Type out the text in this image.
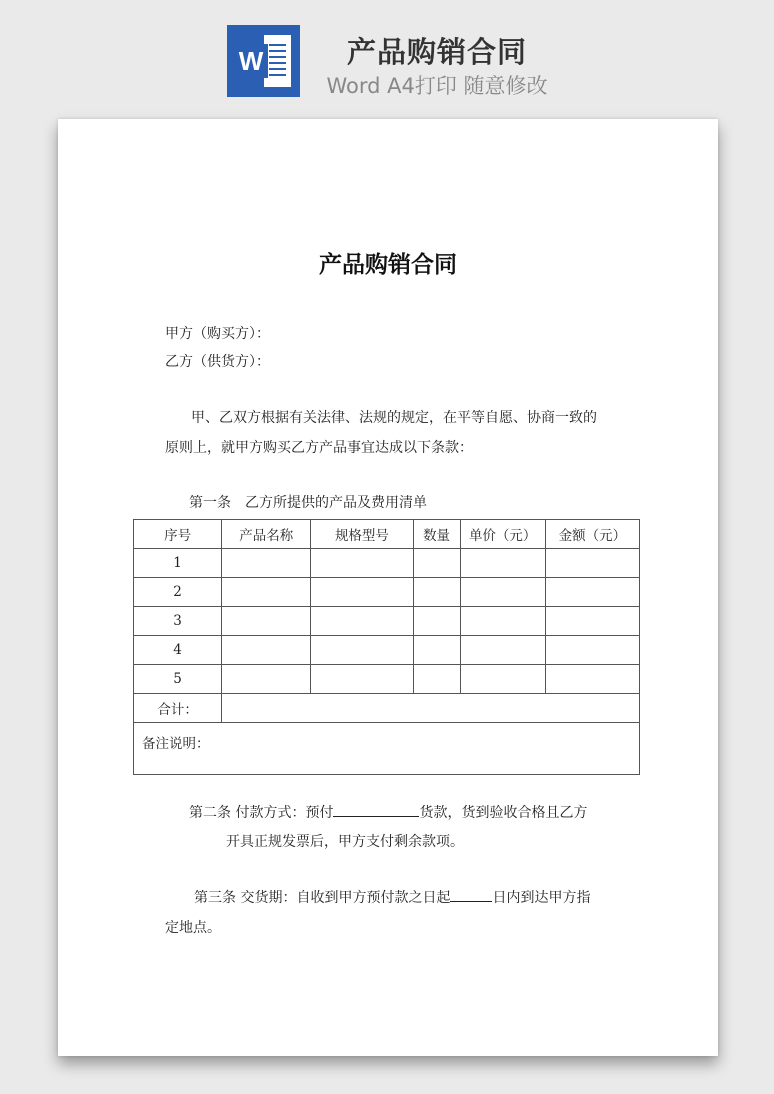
W	产品购销合同
Word A4打印 随意修改
产品购销合同
甲方（购买方）：
乙方（供货方）：
甲、乙双方根据有关法律、法规的规定，在平等自愿、协商一致的
原则上，就甲方购买乙方产品事宜达成以下条款：
第一条　乙方所提供的产品及费用清单
序号	产品名称	规格型号	数量	单价（元）	金额（元）
1					
2					
3					
4					
5					
合计：					
备注说明：					
第二条 付款方式：预付	货款，货到验收合格且乙方
开具正规发票后，甲方支付剩余款项。
第三条 交货期：自收到甲方预付款之日起	日内到达甲方指
定地点。
